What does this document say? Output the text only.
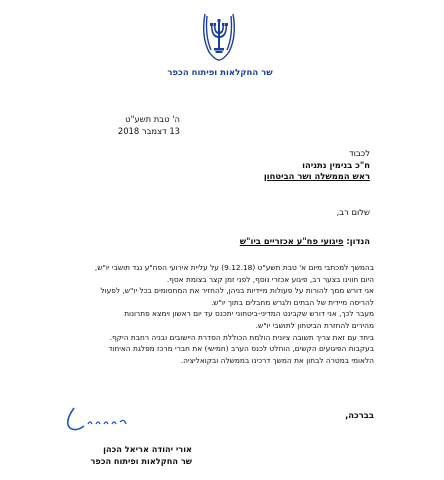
שר החקלאות ופיתוח הכפר
ה' טבת תשע"ט
13 דצמבר 2018
לכבוד
ח"כ בנימין נתניהו
ראש הממשלה ושר הביטחון
שלום רב,
הנדון: פיגועי פח"ע אכזריים ביו"ש

בהמשך למכתבי מיום א' טבת תשע"ט (9.12.18) על עליית אירועי הפח"ע נגד תושבי יו"ש,

היום חווינו בצער רב, פיגוע אכזרי נוסף, לפני זמן קצר בצומת אסף.

אני דורש ממך להורות על פעולות מיידיות בניהן, להחזיר את המחסומים בכל יו"ש, לפעול

להריסה מיידית של הבתים ולגרש מחבלים בתוך יו"ש.

מעבר לכך, אני דורש שקבינט המדיני-ביטחוני יתכנס עד יום ראשון וימצא פתרונות

מהירים להחזרת הביטחון לתושבי יו"ש.

ביחד עם זאת צריך תשובה ציונית הולמת הכוללת הסדרת היישובים ובניה רחבת היקף.

בעקבות הפיגועים הקשים, הוחלט לכנס הערב (חמישי) את חברי מרכז מפלגת האיחוד

הלאומי במטרה לבחון את המשך דרכינו בממשלה ובקואליציה.

בברכה,
אורי יהודה אריאל הכהן
שר החקלאות ופיתוח הכפר
